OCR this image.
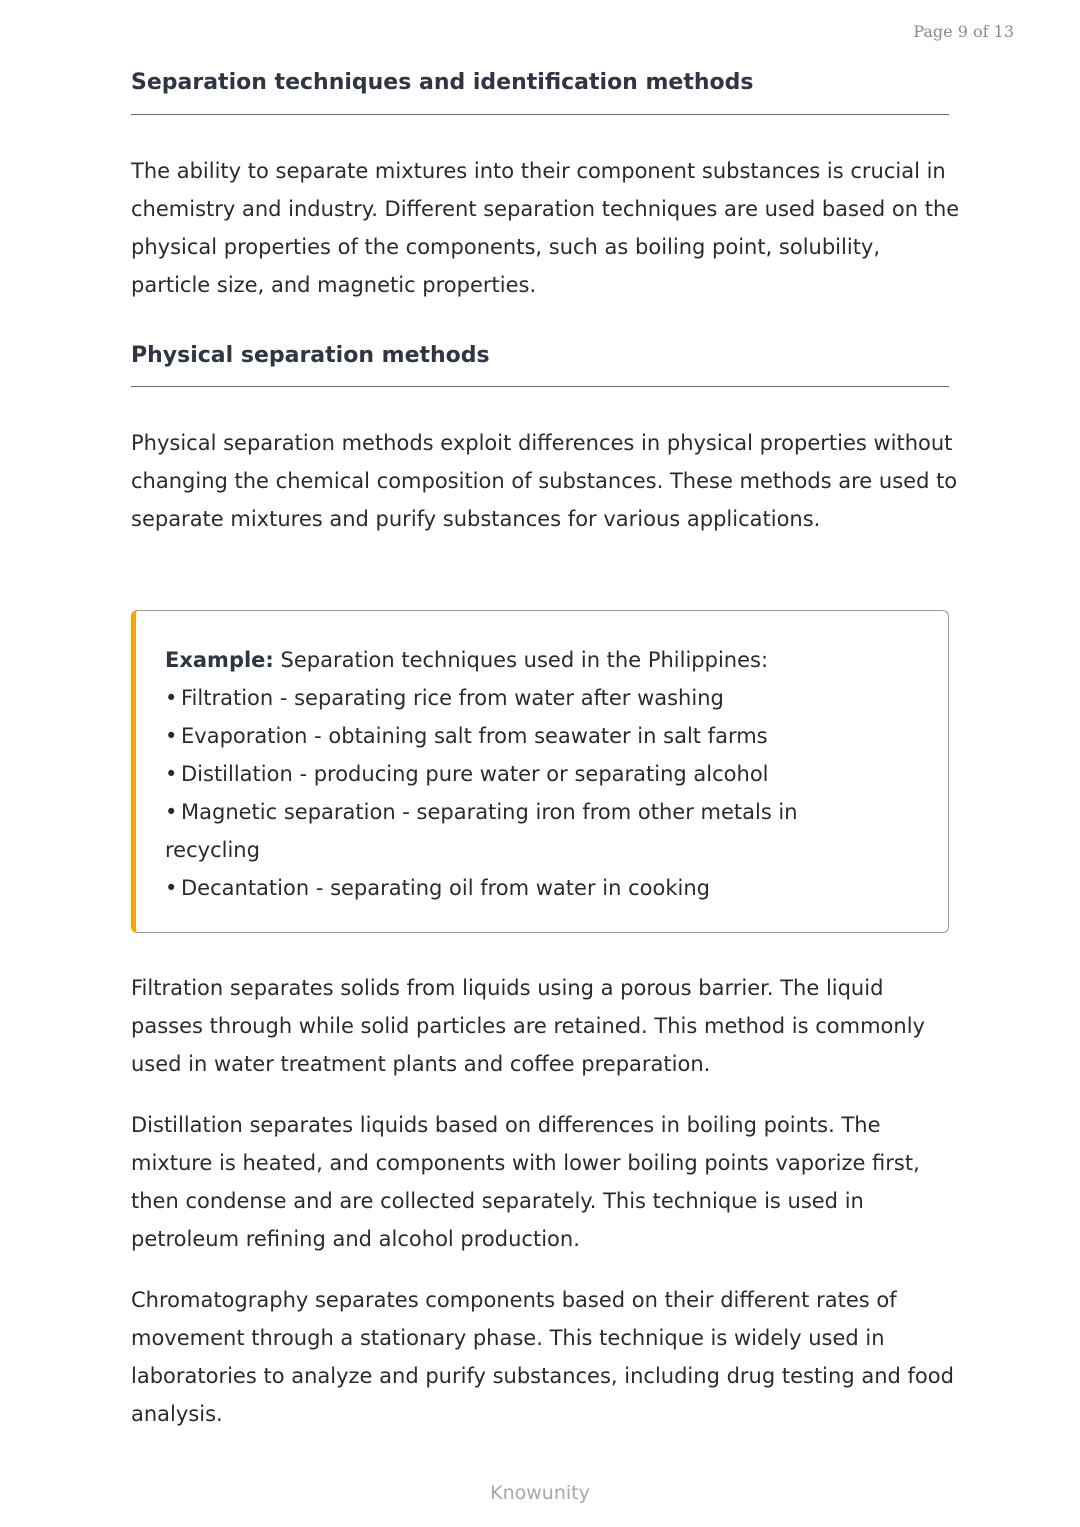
Page 9 of 13
Separation techniques and identification methods

The ability to separate mixtures into their component substances is crucial in chemistry and industry. Different separation techniques are used based on the physical properties of the components, such as boiling point, solubility, particle size, and magnetic properties.

Physical separation methods

Physical separation methods exploit differences in physical properties without changing the chemical composition of substances. These methods are used to separate mixtures and purify substances for various applications.

Example: Separation techniques used in the Philippines:
• Filtration - separating rice from water after washing
• Evaporation - obtaining salt from seawater in salt farms
• Distillation - producing pure water or separating alcohol
• Magnetic separation - separating iron from other metals in
recycling
• Decantation - separating oil from water in cooking

Filtration separates solids from liquids using a porous barrier. The liquid passes through while solid particles are retained. This method is commonly used in water treatment plants and coffee preparation.

Distillation separates liquids based on differences in boiling points. The mixture is heated, and components with lower boiling points vaporize first, then condense and are collected separately. This technique is used in petroleum refining and alcohol production.

Chromatography separates components based on their different rates of movement through a stationary phase. This technique is widely used in laboratories to analyze and purify substances, including drug testing and food analysis.

Knowunity
